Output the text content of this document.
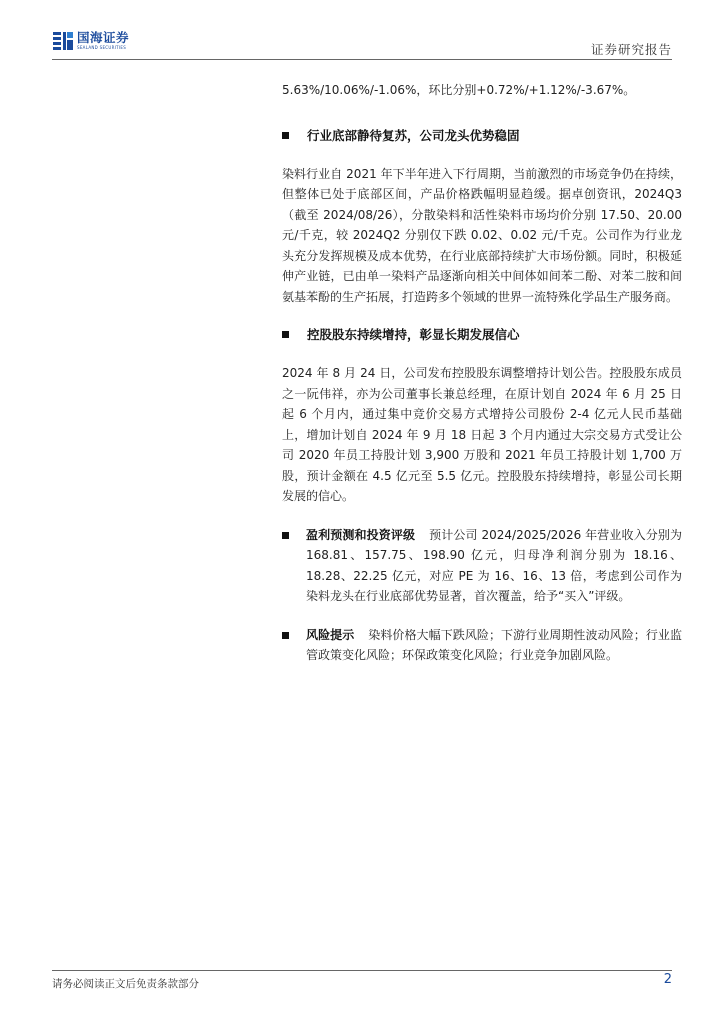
国海证券
SEALAND SECURITIES	证券研究报告

5.63%/10.06%/-1.06%，环比分别+0.72%/+1.12%/-3.67%。

行业底部静待复苏，公司龙头优势稳固

染料行业自 2021 年下半年进入下行周期，当前激烈的市场竞争仍在持续，但整体已处于底部区间，产品价格跌幅明显趋缓。据卓创资讯，2024Q3（截至 2024/08/26），分散染料和活性染料市场均价分别 17.50、20.00 元/千克，较 2024Q2 分别仅下跌 0.02、0.02 元/千克。公司作为行业龙头充分发挥规模及成本优势，在行业底部持续扩大市场份额。同时，积极延伸产业链，已由单一染料产品逐渐向相关中间体如间苯二酚、对苯二胺和间氨基苯酚的生产拓展，打造跨多个领域的世界一流特殊化学品生产服务商。

控股股东持续增持，彰显长期发展信心

2024 年 8 月 24 日，公司发布控股股东调整增持计划公告。控股股东成员之一阮伟祥，亦为公司董事长兼总经理，在原计划自 2024 年 6 月 25 日起 6 个月内，通过集中竞价交易方式增持公司股份 2-4 亿元人民币基础上，增加计划自 2024 年 9 月 18 日起 3 个月内通过大宗交易方式受让公司 2020 年员工持股计划 3,900 万股和 2021 年员工持股计划 1,700 万股，预计金额在 4.5 亿元至 5.5 亿元。控股股东持续增持，彰显公司长期发展的信心。

盈利预测和投资评级 预计公司 2024/2025/2026 年营业收入分别为 168.81、157.75、198.90 亿元，归母净利润分别为 18.16、18.28、22.25 亿元，对应 PE 为 16、16、13 倍，考虑到公司作为染料龙头在行业底部优势显著，首次覆盖，给予“买入”评级。
风险提示 染料价格大幅下跌风险；下游行业周期性波动风险；行业监管政策变化风险；环保政策变化风险；行业竞争加剧风险。
请务必阅读正文后免责条款部分	2
